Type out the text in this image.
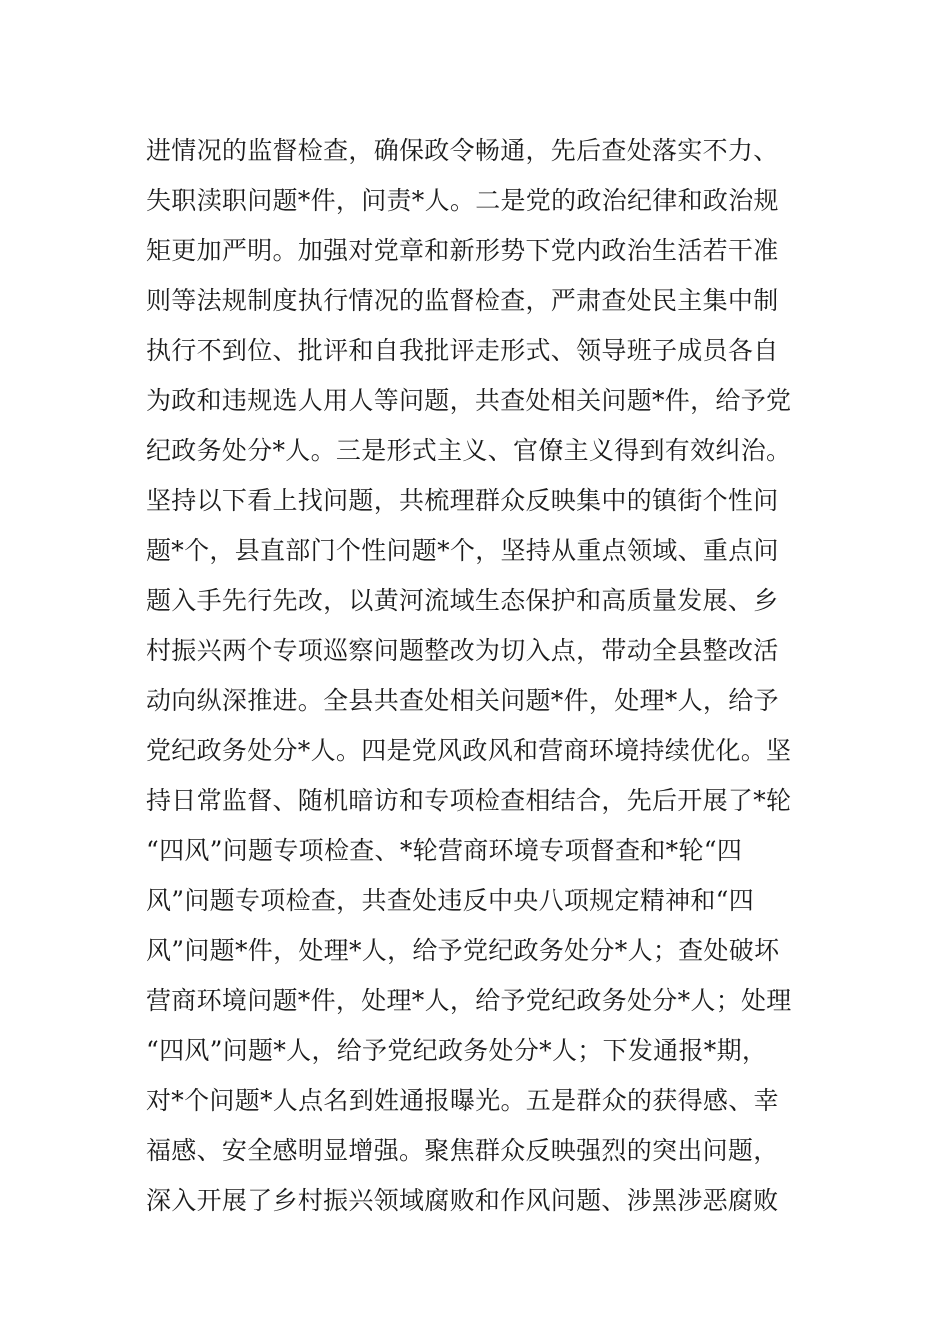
进情况的监督检查，确保政令畅通，先后查处落实不力、
失职渎职问题*件，问责*人。二是党的政治纪律和政治规
矩更加严明。加强对党章和新形势下党内政治生活若干准
则等法规制度执行情况的监督检查，严肃查处民主集中制
执行不到位、批评和自我批评走形式、领导班子成员各自
为政和违规选人用人等问题，共查处相关问题*件，给予党
纪政务处分*人。三是形式主义、官僚主义得到有效纠治。
坚持以下看上找问题，共梳理群众反映集中的镇街个性问
题*个，县直部门个性问题*个，坚持从重点领域、重点问
题入手先行先改，以黄河流域生态保护和高质量发展、乡
村振兴两个专项巡察问题整改为切入点，带动全县整改活
动向纵深推进。全县共查处相关问题*件，处理*人，给予
党纪政务处分*人。四是党风政风和营商环境持续优化。坚
持日常监督、随机暗访和专项检查相结合，先后开展了*轮
“四风”问题专项检查、*轮营商环境专项督查和*轮“四
风”问题专项检查，共查处违反中央八项规定精神和“四
风”问题*件，处理*人，给予党纪政务处分*人；查处破坏
营商环境问题*件，处理*人，给予党纪政务处分*人；处理
“四风”问题*人，给予党纪政务处分*人；下发通报*期，
对*个问题*人点名到姓通报曝光。五是群众的获得感、幸
福感、安全感明显增强。聚焦群众反映强烈的突出问题，
深入开展了乡村振兴领域腐败和作风问题、涉黑涉恶腐败
